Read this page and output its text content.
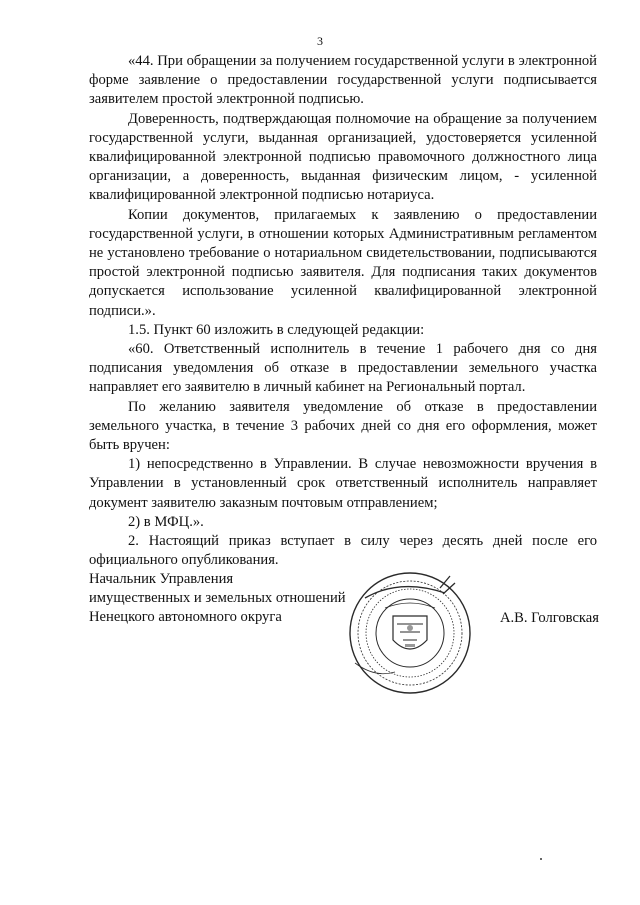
3

«44. При обращении за получением государственной услуги в электронной форме заявление о предоставлении государственной услуги подписывается заявителем простой электронной подписью.

Доверенность, подтверждающая полномочие на обращение за получением государственной услуги, выданная организацией, удостоверяется усиленной квалифицированной электронной подписью правомочного должностного лица организации, а доверенность, выданная физическим лицом, - усиленной квалифицированной электронной подписью нотариуса.

Копии документов, прилагаемых к заявлению о предоставлении государственной услуги, в отношении которых Административным регламентом не установлено требование о нотариальном свидетельствовании, подписываются простой электронной подписью заявителя. Для подписания таких документов допускается использование усиленной квалифицированной электронной подписи.».

1.5. Пункт 60 изложить в следующей редакции:

«60. Ответственный исполнитель в течение 1 рабочего дня со дня подписания уведомления об отказе в предоставлении земельного участка направляет его заявителю в личный кабинет на Региональный портал.

По желанию заявителя уведомление об отказе в предоставлении земельного участка, в течение 3 рабочих дней со дня его оформления, может быть вручен:

1) непосредственно в Управлении. В случае невозможности вручения в Управлении в установленный срок ответственный исполнитель направляет документ заявителю заказным почтовым отправлением;

2) в МФЦ.».

2. Настоящий приказ вступает в силу через десять дней после его официального опубликования.

Начальник Управления
имущественных и земельных отношений
Ненецкого автономного округа	А.В. Голговская
